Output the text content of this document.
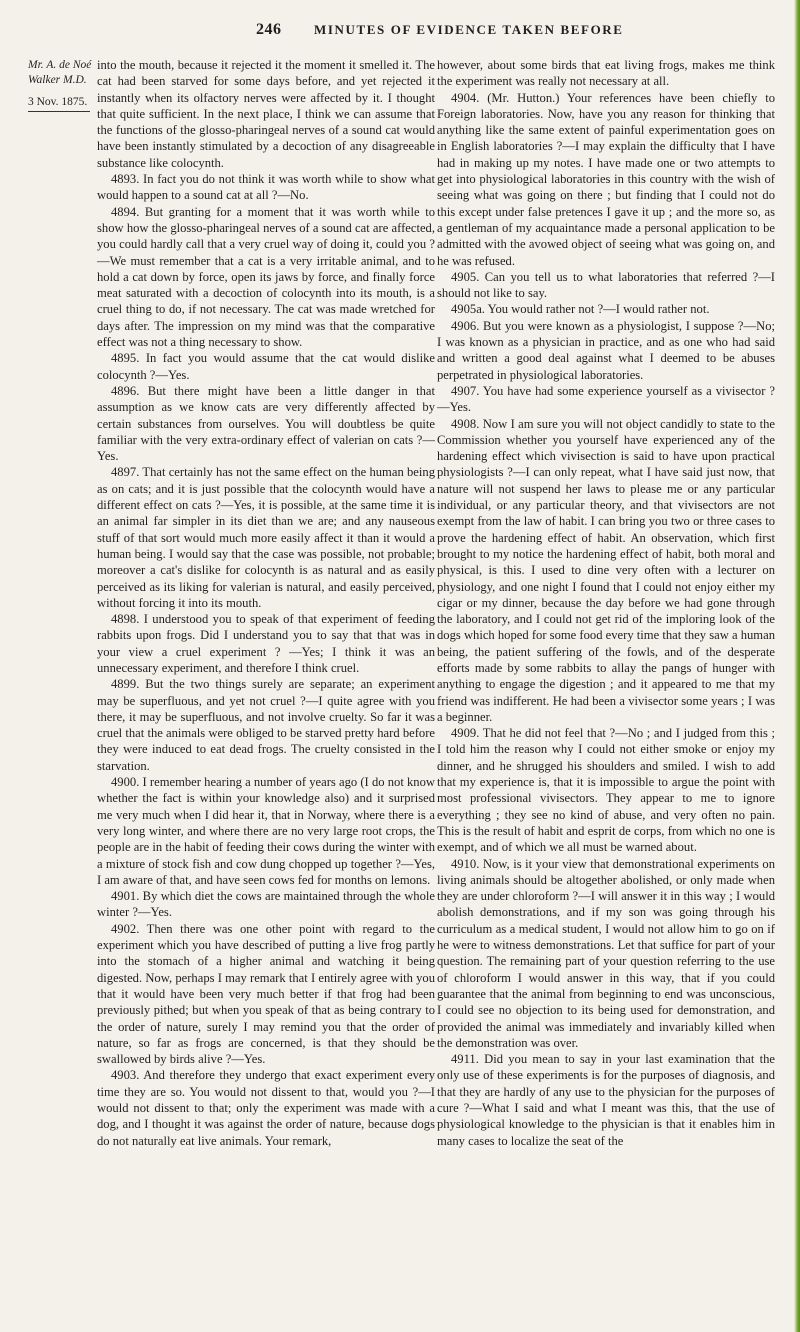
246	MINUTES OF EVIDENCE TAKEN BEFORE
Mr. A. de Noé Walker M.D.
3 Nov. 1875.

into the mouth, because it rejected it the moment it smelled it. The cat had been starved for some days before, and yet rejected it instantly when its olfactory nerves were affected by it. I thought that quite sufficient. In the next place, I think we can assume that the functions of the glosso-pharingeal nerves of a sound cat would have been instantly stimulated by a decoction of any disagreeable substance like colocynth.

4893. In fact you do not think it was worth while to show what would happen to a sound cat at all ?—No.

4894. But granting for a moment that it was worth while to show how the glosso-pharingeal nerves of a sound cat are affected, you could hardly call that a very cruel way of doing it, could you ?—We must remember that a cat is a very irritable animal, and to hold a cat down by force, open its jaws by force, and finally force meat saturated with a decoction of colocynth into its mouth, is a cruel thing to do, if not necessary. The cat was made wretched for days after. The impression on my mind was that the comparative effect was not a thing necessary to show.

4895. In fact you would assume that the cat would dislike colocynth ?—Yes.

4896. But there might have been a little danger in that assumption as we know cats are very differently affected by certain substances from ourselves. You will doubtless be quite familiar with the very extra-ordinary effect of valerian on cats ?—Yes.

4897. That certainly has not the same effect on the human being as on cats; and it is just possible that the colocynth would have a different effect on cats ?—Yes, it is possible, at the same time it is an animal far simpler in its diet than we are; and any nauseous stuff of that sort would much more easily affect it than it would a human being. I would say that the case was possible, not probable; moreover a cat's dislike for colocynth is as natural and as easily perceived as its liking for valerian is natural, and easily perceived, without forcing it into its mouth.

4898. I understood you to speak of that experiment of feeding rabbits upon frogs. Did I understand you to say that that was in your view a cruel experiment ? —Yes; I think it was an unnecessary experiment, and therefore I think cruel.

4899. But the two things surely are separate; an experiment may be superfluous, and yet not cruel ?—I quite agree with you there, it may be superfluous, and not involve cruelty. So far it was cruel that the animals were obliged to be starved pretty hard before they were induced to eat dead frogs. The cruelty consisted in the starvation.

4900. I remember hearing a number of years ago (I do not know whether the fact is within your knowledge also) and it surprised me very much when I did hear it, that in Norway, where there is a very long winter, and where there are no very large root crops, the people are in the habit of feeding their cows during the winter with a mixture of stock fish and cow dung chopped up together ?—Yes, I am aware of that, and have seen cows fed for months on lemons.

4901. By which diet the cows are maintained through the whole winter ?—Yes.

4902. Then there was one other point with regard to the experiment which you have described of putting a live frog partly into the stomach of a higher animal and watching it being digested. Now, perhaps I may remark that I entirely agree with you that it would have been very much better if that frog had been previously pithed; but when you speak of that as being contrary to the order of nature, surely I may remind you that the order of nature, so far as frogs are concerned, is that they should be swallowed by birds alive ?—Yes.

4903. And therefore they undergo that exact experiment every time they are so. You would not dissent to that, would you ?—I would not dissent to that; only the experiment was made with a dog, and I thought it was against the order of nature, because dogs do not naturally eat live animals. Your remark,

however, about some birds that eat living frogs, makes me think the experiment was really not necessary at all.

4904. (Mr. Hutton.) Your references have been chiefly to Foreign laboratories. Now, have you any reason for thinking that anything like the same extent of painful experimentation goes on in English laboratories ?—I may explain the difficulty that I have had in making up my notes. I have made one or two attempts to get into physiological laboratories in this country with the wish of seeing what was going on there ; but finding that I could not do this except under false pretences I gave it up ; and the more so, as a gentleman of my acquaintance made a personal application to be admitted with the avowed object of seeing what was going on, and he was refused.

4905. Can you tell us to what laboratories that referred ?—I should not like to say.

4905a. You would rather not ?—I would rather not.

4906. But you were known as a physiologist, I suppose ?—No; I was known as a physician in practice, and as one who had said and written a good deal against what I deemed to be abuses perpetrated in physiological laboratories.

4907. You have had some experience yourself as a vivisector ?—Yes.

4908. Now I am sure you will not object candidly to state to the Commission whether you yourself have experienced any of the hardening effect which vivisection is said to have upon practical physiologists ?—I can only repeat, what I have said just now, that nature will not suspend her laws to please me or any particular individual, or any particular theory, and that vivisectors are not exempt from the law of habit. I can bring you two or three cases to prove the hardening effect of habit. An observation, which first brought to my notice the hardening effect of habit, both moral and physical, is this. I used to dine very often with a lecturer on physiology, and one night I found that I could not enjoy either my cigar or my dinner, because the day before we had gone through the laboratory, and I could not get rid of the imploring look of the dogs which hoped for some food every time that they saw a human being, the patient suffering of the fowls, and of the desperate efforts made by some rabbits to allay the pangs of hunger with anything to engage the digestion ; and it appeared to me that my friend was indifferent. He had been a vivisector some years ; I was a beginner.

4909. That he did not feel that ?—No ; and I judged from this ; I told him the reason why I could not either smoke or enjoy my dinner, and he shrugged his shoulders and smiled. I wish to add that my experience is, that it is impossible to argue the point with most professional vivisectors. They appear to me to ignore everything ; they see no kind of abuse, and very often no pain. This is the result of habit and esprit de corps, from which no one is exempt, and of which we all must be warned about.

4910. Now, is it your view that demonstrational experiments on living animals should be altogether abolished, or only made when they are under chloroform ?—I will answer it in this way ; I would abolish demonstrations, and if my son was going through his curriculum as a medical student, I would not allow him to go on if he were to witness demonstrations. Let that suffice for part of your question. The remaining part of your question referring to the use of chloroform I would answer in this way, that if you could guarantee that the animal from beginning to end was unconscious, I could see no objection to its being used for demonstration, and provided the animal was immediately and invariably killed when the demonstration was over.

4911. Did you mean to say in your last examination that the only use of these experiments is for the purposes of diagnosis, and that they are hardly of any use to the physician for the purposes of cure ?—What I said and what I meant was this, that the use of physiological knowledge to the physician is that it enables him in many cases to localize the seat of the
